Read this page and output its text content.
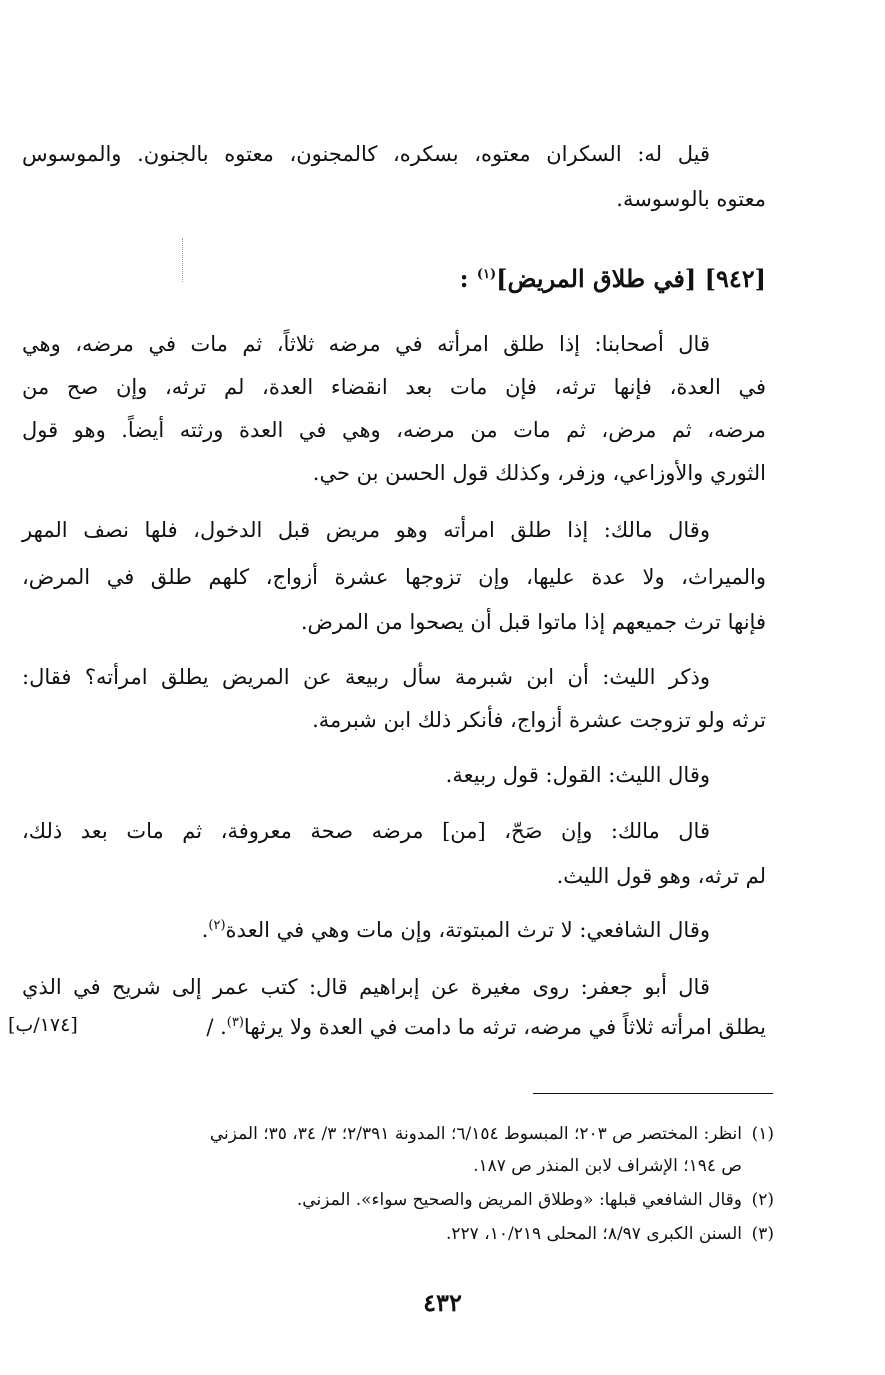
قيل له: السكران معتوه، بسكره، كالمجنون، معتوه بالجنون. والموسوس
معتوه بالوسوسة.
[٩٤٢] [في طلاق المريض]$^{(١)}$ :
قال أصحابنا: إذا طلق امرأته في مرضه ثلاثاً، ثم مات في مرضه، وهي
في العدة، فإنها ترثه، فإن مات بعد انقضاء العدة، لم ترثه، وإن صح من
مرضه، ثم مرض، ثم مات من مرضه، وهي في العدة ورثته أيضاً. وهو قول
الثوري والأوزاعي، وزفر، وكذلك قول الحسن بن حي.
وقال مالك: إذا طلق امرأته وهو مريض قبل الدخول، فلها نصف المهر
والميراث، ولا عدة عليها، وإن تزوجها عشرة أزواج، كلهم طلق في المرض،
فإنها ترث جميعهم إذا ماتوا قبل أن يصحوا من المرض.
وذكر الليث: أن ابن شبرمة سأل ربيعة عن المريض يطلق امرأته؟ فقال:
ترثه ولو تزوجت عشرة أزواج، فأنكر ذلك ابن شبرمة.
وقال الليث: القول: قول ربيعة.
قال مالك: وإن صَحّ، [من] مرضه صحة معروفة، ثم مات بعد ذلك،
لم ترثه، وهو قول الليث.
وقال الشافعي: لا ترث المبتوتة، وإن مات وهي في العدة$^{(٢)}$.
قال أبو جعفر: روى مغيرة عن إبراهيم قال: كتب عمر إلى شريح في الذي
يطلق امرأته ثلاثاً في مرضه، ترثه ما دامت في العدة ولا يرثها$^{(٣)}$. /
[١٧٤/ب]
(١)انظر: المختصر ص ٢٠٣؛ المبسوط ٦/١٥٤؛ المدونة ٢/٣٩١؛ ٣/ ٣٤، ٣٥؛ المزني
ص ١٩٤؛ الإشراف لابن المنذر ص ١٨٧.
(٢)وقال الشافعي قبلها: «وطلاق المريض والصحيح سواء». المزني.
(٣)السنن الكبرى ٨/٩٧؛ المحلى ١٠/٢١٩، ٢٢٧.
٤٣٢
